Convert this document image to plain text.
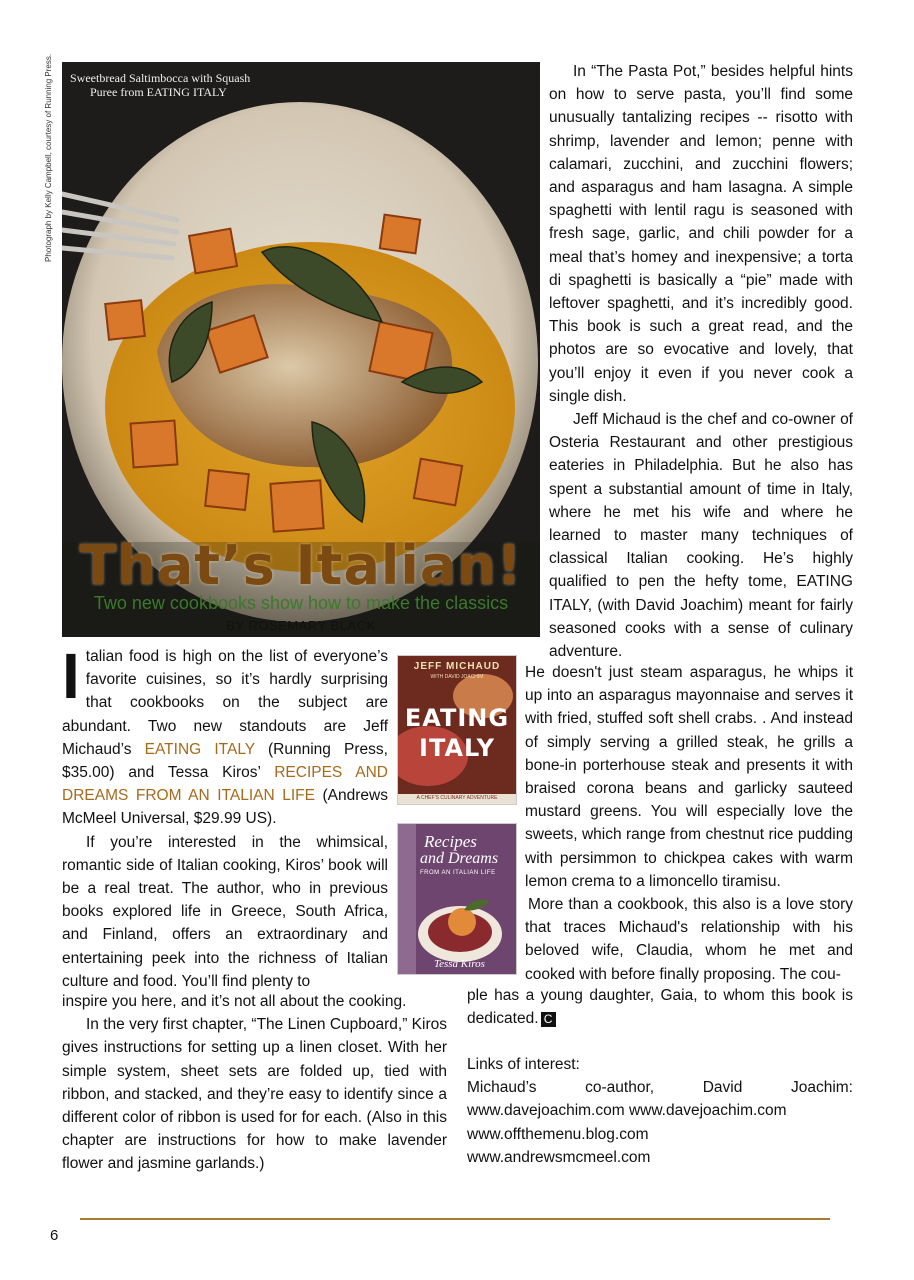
Photograph by Kelly Campbell, courtesy of Running Press.	Sweetbread Saltimbocca with Squash
Puree from EATING ITALY
That’s Italian!
Two new cookbooks show how to make the classics
BY ROSEMARY BLACK

Italian food is high on the list of everyone’s favorite cuisines, so it’s hardly surprising that cookbooks on the subject are abundant. Two new standouts are Jeff Michaud’s EATING ITALY (Running Press, $35.00) and Tessa Kiros’ RECIPES AND DREAMS FROM AN ITALIAN LIFE (Andrews McMeel Universal, $29.99 US).

If you’re interested in the whimsical, romantic side of Italian cooking, Kiros’ book will be a real treat. The author, who in previous books explored life in Greece, South Africa, and Finland, offers an extraordinary and entertaining peek into the richness of Italian culture and food. You’ll find plenty to

inspire you here, and it’s not all about the cooking.

In the very first chapter, “The Linen Cupboard,” Kiros gives instructions for setting up a linen closet. With her simple system, sheet sets are folded up, tied with ribbon, and stacked, and they’re easy to identify since a different color of ribbon is used for for each. (Also in this chapter are instructions for how to make lavender flower and jasmine garlands.)

JEFF MICHAUD
WITH DAVID JOACHIM
EATING
ITALY
A CHEF’S CULINARY ADVENTURE
Recipes
and Dreams
FROM AN ITALIAN LIFE
Tessa Kiros

In “The Pasta Pot,” besides helpful hints on how to serve pasta, you’ll find some unusually tantalizing recipes -- risotto with shrimp, lavender and lemon; penne with calamari, zucchini, and zucchini flowers; and asparagus and ham lasagna. A simple spaghetti with lentil ragu is seasoned with fresh sage, garlic, and chili powder for a meal that’s homey and inexpensive; a torta di spaghetti is basically a “pie” made with leftover spaghetti, and it’s incredibly good. This book is such a great read, and the photos are so evocative and lovely, that you’ll enjoy it even if you never cook a single dish.

Jeff Michaud is the chef and co-owner of Osteria Restaurant and other prestigious eateries in Philadelphia. But he also has spent a substantial amount of time in Italy, where he met his wife and where he learned to master many techniques of classical Italian cooking. He’s highly qualified to pen the hefty tome, EATING ITALY, (with David Joachim) meant for fairly seasoned cooks with a sense of culinary adventure.

He doesn't just steam asparagus, he whips it up into an asparagus mayonnaise and serves it with fried, stuffed soft shell crabs. . And instead of simply serving a grilled steak, he grills a bone-in porterhouse steak and presents it with braised corona beans and garlicky sauteed mustard greens. You will especially love the sweets, which range from chestnut rice pudding with persimmon to chickpea cakes with warm lemon crema to a limoncello tiramisu.

More than a cookbook, this also is a love story that traces Michaud's relationship with his beloved wife, Claudia, whom he met and cooked with before finally proposing. The cou-

ple has a young daughter, Gaia, to whom this book is dedicated. C

Links of interest:
Michaud’s co-author, David Joachim: www.davejoachim.com www.davejoachim.com
www.offthemenu.blog.com
www.andrewsmcmeel.com
6
